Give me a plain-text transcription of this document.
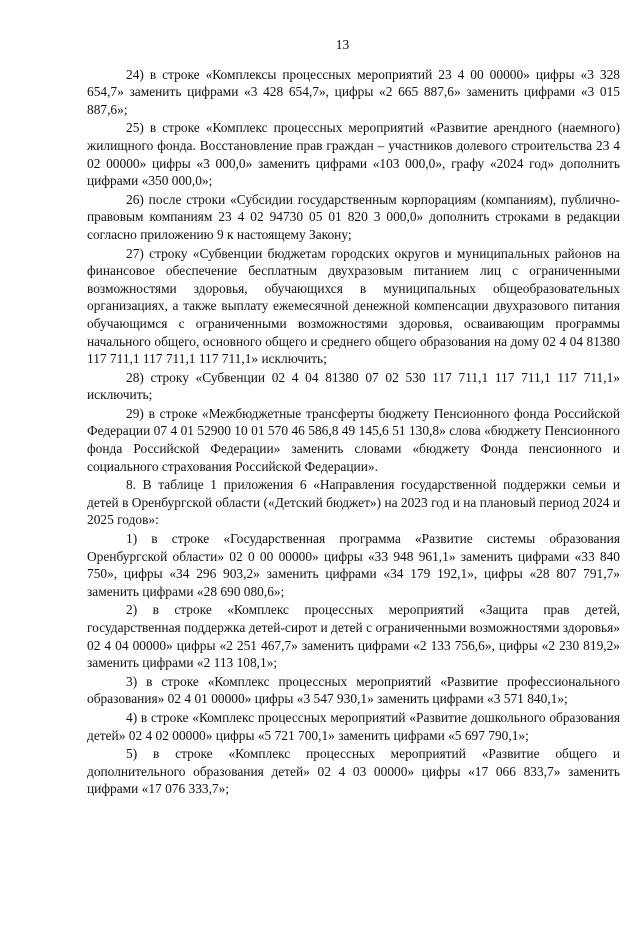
13

24) в строке «Комплексы процессных мероприятий 23 4 00 00000» цифры «3 328 654,7» заменить цифрами «3 428 654,7», цифры «2 665 887,6» заменить цифрами «3 015 887,6»;

25) в строке «Комплекс процессных мероприятий «Развитие арендного (наемного) жилищного фонда. Восстановление прав граждан – участников долевого строительства 23 4 02 00000» цифры «3 000,0» заменить цифрами «103 000,0», графу «2024 год» дополнить цифрами «350 000,0»;

26) после строки «Субсидии государственным корпорациям (компаниям), публично-правовым компаниям 23 4 02 94730 05 01 820 3 000,0» дополнить строками в редакции согласно приложению 9 к настоящему Закону;

27) строку «Субвенции бюджетам городских округов и муниципальных районов на финансовое обеспечение бесплатным двухразовым питанием лиц с ограниченными возможностями здоровья, обучающихся в муниципальных общеобразовательных организациях, а также выплату ежемесячной денежной компенсации двухразового питания обучающимся с ограниченными возможностями здоровья, осваивающим программы начального общего, основного общего и среднего общего образования на дому 02 4 04 81380 117 711,1 117 711,1 117 711,1» исключить;

28) строку «Субвенции 02 4 04 81380 07 02 530 117 711,1 117 711,1 117 711,1» исключить;

29) в строке «Межбюджетные трансферты бюджету Пенсионного фонда Российской Федерации 07 4 01 52900 10 01 570 46 586,8 49 145,6 51 130,8» слова «бюджету Пенсионного фонда Российской Федерации» заменить словами «бюджету Фонда пенсионного и социального страхования Российской Федерации».

8. В таблице 1 приложения 6 «Направления государственной поддержки семьи и детей в Оренбургской области («Детский бюджет») на 2023 год и на плановый период 2024 и 2025 годов»:

1) в строке «Государственная программа «Развитие системы образования Оренбургской области» 02 0 00 00000» цифры «33 948 961,1» заменить цифрами «33 840 750», цифры «34 296 903,2» заменить цифрами «34 179 192,1», цифры «28 807 791,7» заменить цифрами «28 690 080,6»;

2) в строке «Комплекс процессных мероприятий «Защита прав детей, государственная поддержка детей-сирот и детей с ограниченными возможностями здоровья» 02 4 04 00000» цифры «2 251 467,7» заменить цифрами «2 133 756,6», цифры «2 230 819,2» заменить цифрами «2 113 108,1»;

3) в строке «Комплекс процессных мероприятий «Развитие профессионального образования» 02 4 01 00000» цифры «3 547 930,1» заменить цифрами «3 571 840,1»;

4) в строке «Комплекс процессных мероприятий «Развитие дошкольного образования детей» 02 4 02 00000» цифры «5 721 700,1» заменить цифрами «5 697 790,1»;

5) в строке «Комплекс процессных мероприятий «Развитие общего и дополнительного образования детей» 02 4 03 00000» цифры «17 066 833,7» заменить цифрами «17 076 333,7»;
